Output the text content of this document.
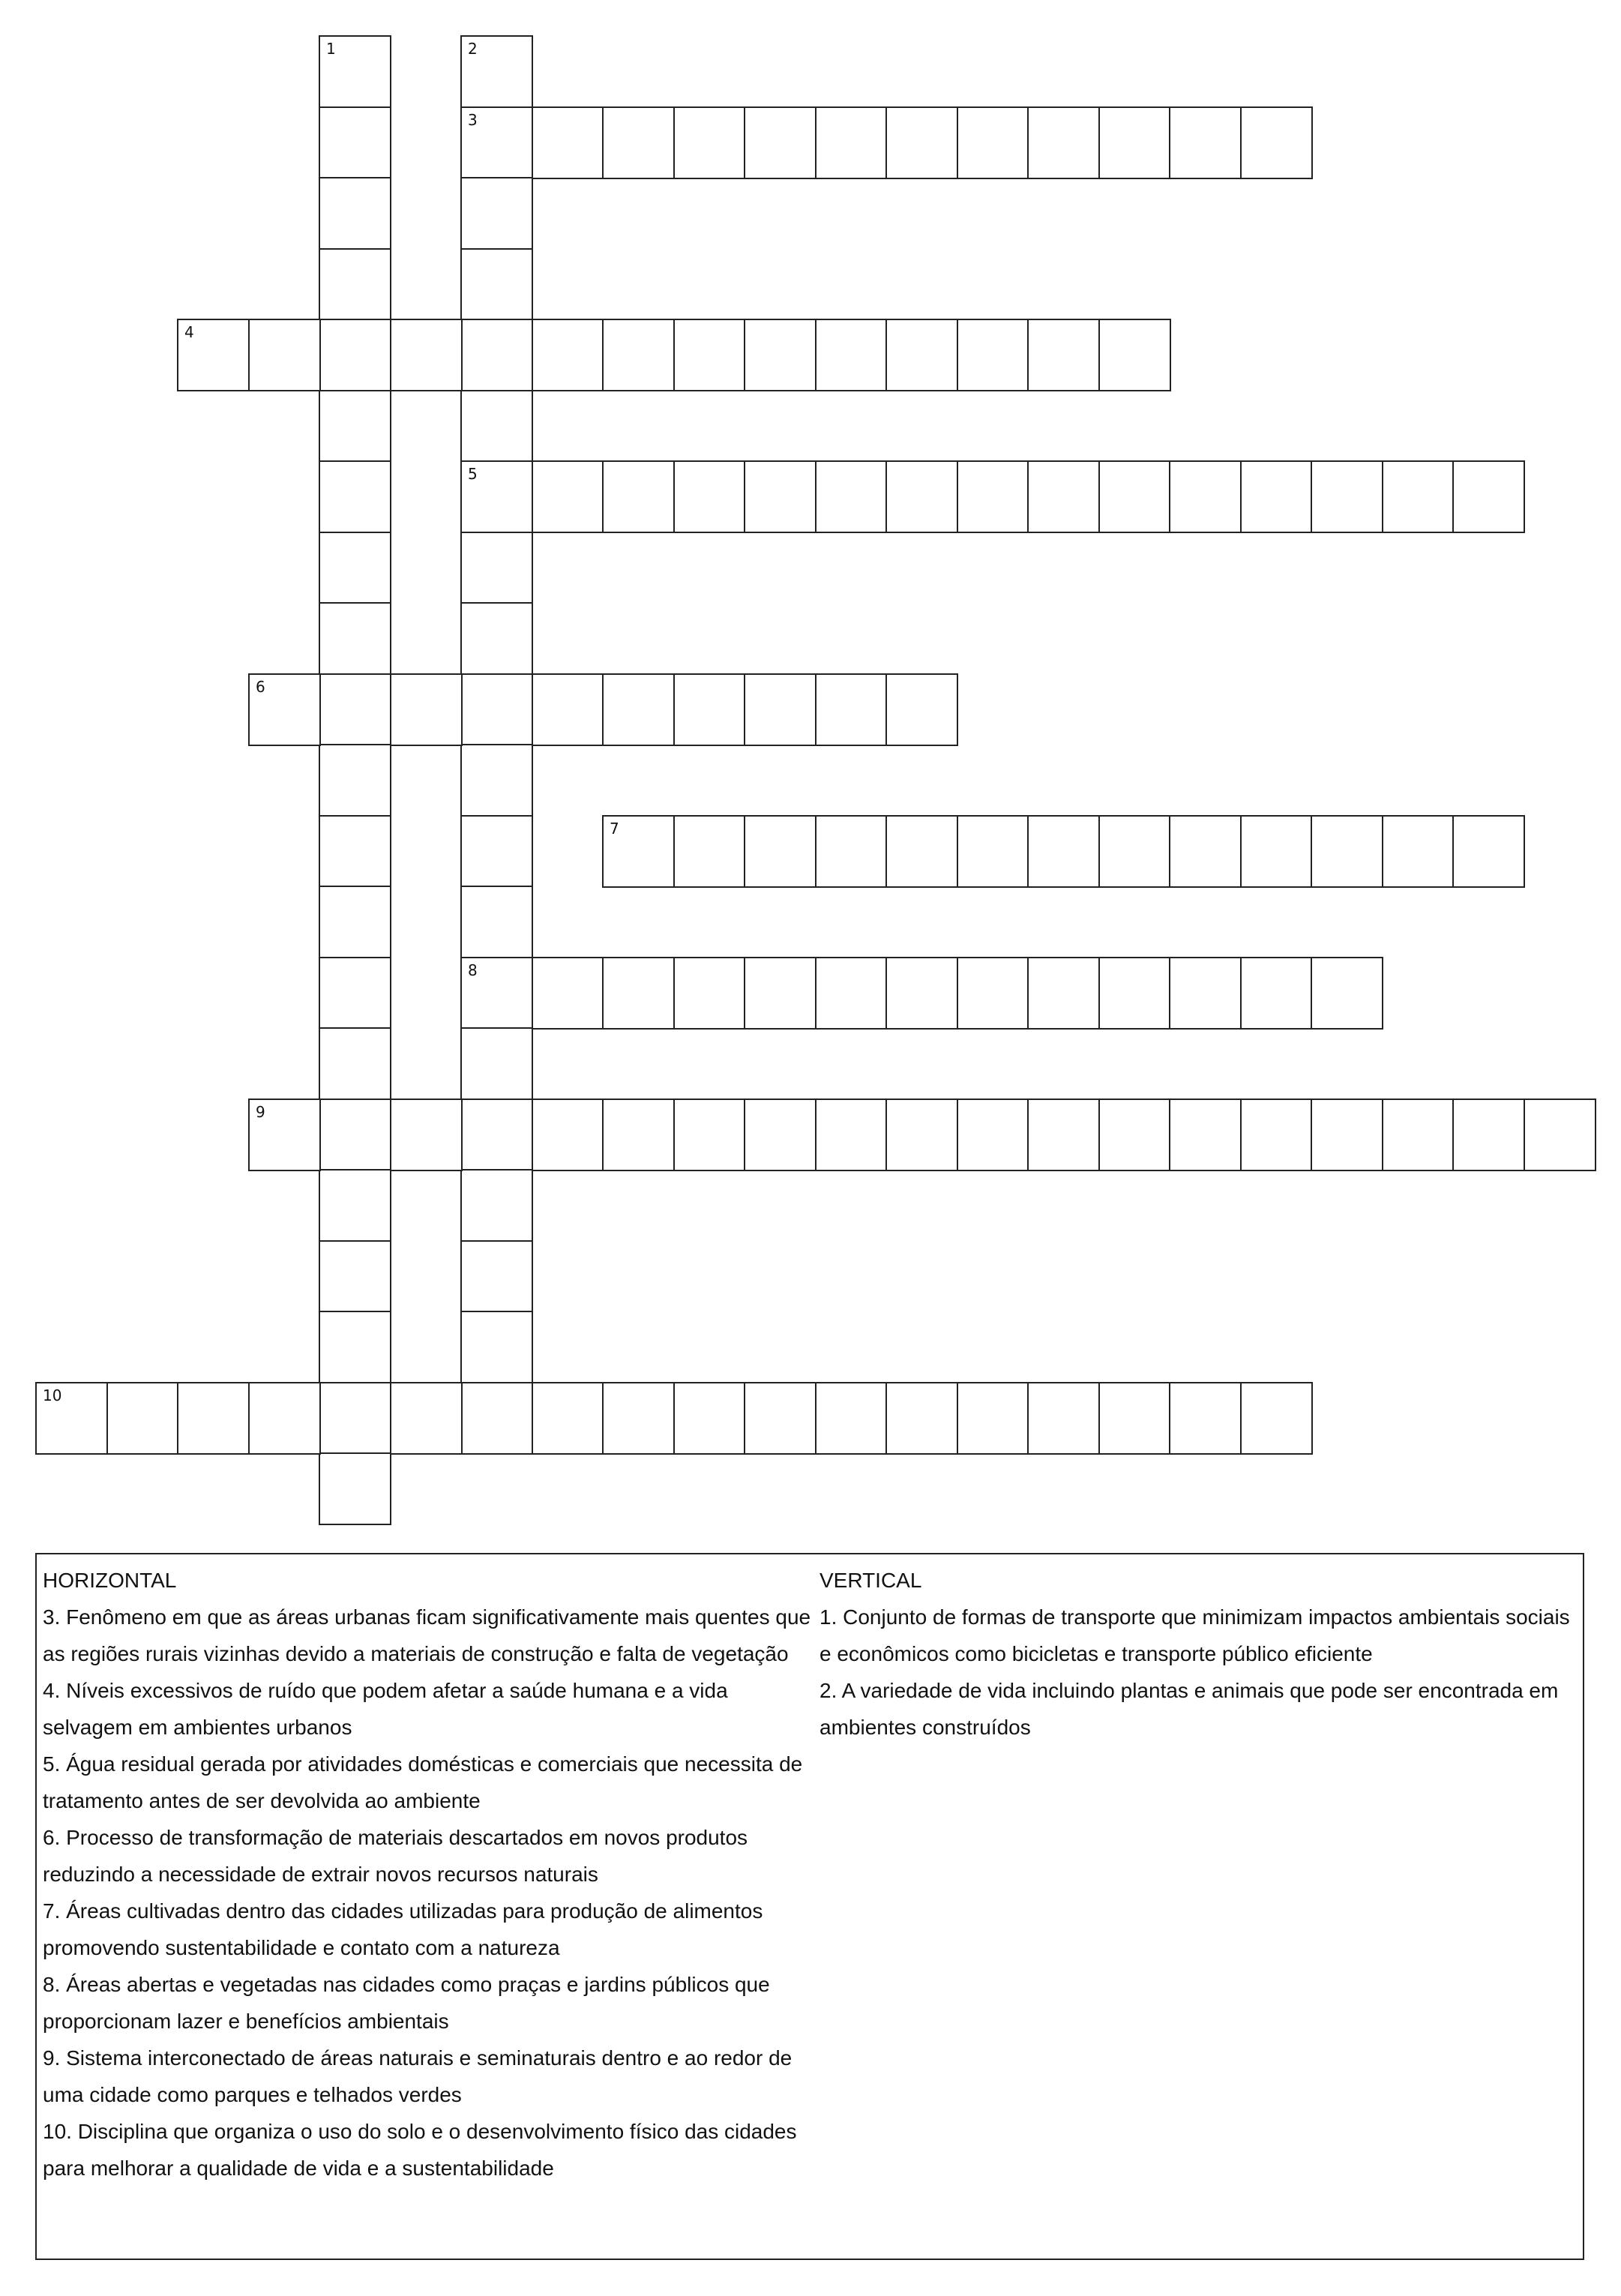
1	2
3
5
8
4
6
7
9
10

HORIZONTAL

3. Fenômeno em que as áreas urbanas ficam significativamente mais quentes que as regiões rurais vizinhas devido a materiais de construção e falta de vegetação

4. Níveis excessivos de ruído que podem afetar a saúde humana e a vida selvagem em ambientes urbanos

5. Água residual gerada por atividades domésticas e comerciais que necessita de tratamento antes de ser devolvida ao ambiente

6. Processo de transformação de materiais descartados em novos produtos reduzindo a necessidade de extrair novos recursos naturais

7. Áreas cultivadas dentro das cidades utilizadas para produção de alimentos promovendo sustentabilidade e contato com a natureza

8. Áreas abertas e vegetadas nas cidades como praças e jardins públicos que proporcionam lazer e benefícios ambientais

9. Sistema interconectado de áreas naturais e seminaturais dentro e ao redor de uma cidade como parques e telhados verdes

10. Disciplina que organiza o uso do solo e o desenvolvimento físico das cidades para melhorar a qualidade de vida e a sustentabilidade

VERTICAL

1. Conjunto de formas de transporte que minimizam impactos ambientais sociais e econômicos como bicicletas e transporte público eficiente

2. A variedade de vida incluindo plantas e animais que pode ser encontrada em ambientes construídos
